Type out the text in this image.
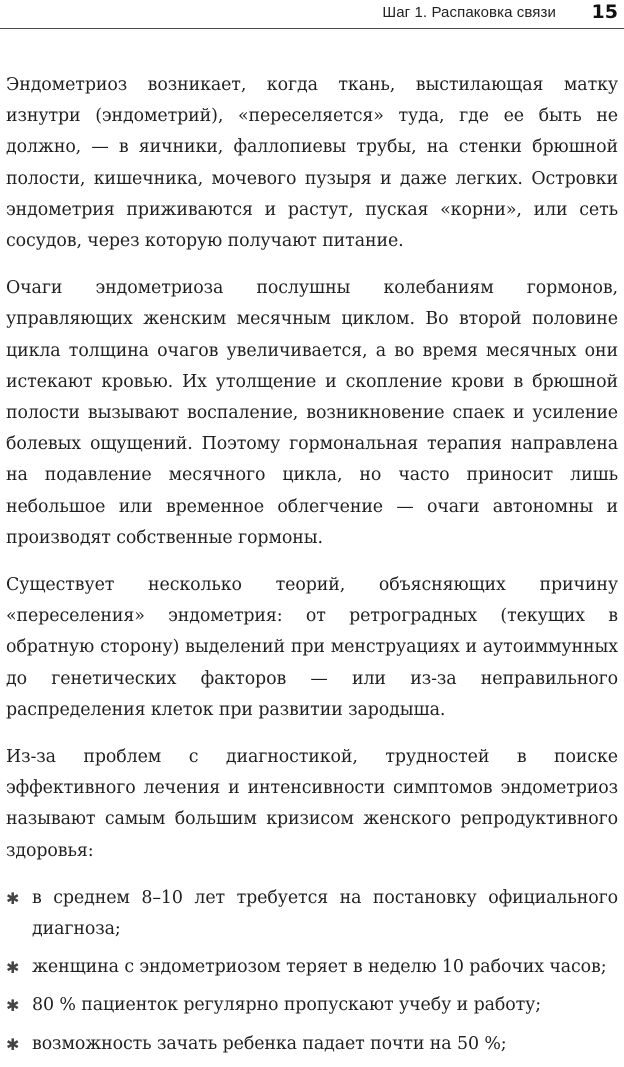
Шаг 1. Распаковка связи 15

Эндометриоз возникает, когда ткань, выстилающая матку изнутри (эндометрий), «переселяется» туда, где ее быть не должно, — в яичники, фаллопиевы трубы, на стенки брюшной полости, кишечника, мочевого пузыря и даже легких. Островки эндометрия приживаются и растут, пуская «корни», или сеть сосудов, через которую получают питание.

Очаги эндометриоза послушны колебаниям гормонов, управляющих женским месячным циклом. Во второй половине цикла толщина очагов увеличивается, а во время месячных они истекают кровью. Их утолщение и скопление крови в брюшной полости вызывают воспаление, возникновение спаек и усиление болевых ощущений. Поэтому гормональная терапия направлена на подавление месячного цикла, но часто приносит лишь небольшое или временное облегчение — очаги автономны и производят собственные гормоны.

Существует несколько теорий, объясняющих причину «переселения» эндометрия: от ретроградных (текущих в обратную сторону) выделений при менструациях и аутоиммунных до генетических факторов — или из-за неправильного распределения клеток при развитии зародыша.

Из-за проблем с диагностикой, трудностей в поиске эффективного лечения и интенсивности симптомов эндометриоз называют самым большим кризисом женского репродуктивного здоровья:

✱ в среднем 8–10 лет требуется на постановку официального диагноза;
✱ женщина с эндометриозом теряет в неделю 10 рабочих часов;
✱ 80 % пациенток регулярно пропускают учебу и работу;
✱ возможность зачать ребенка падает почти на 50 %;
